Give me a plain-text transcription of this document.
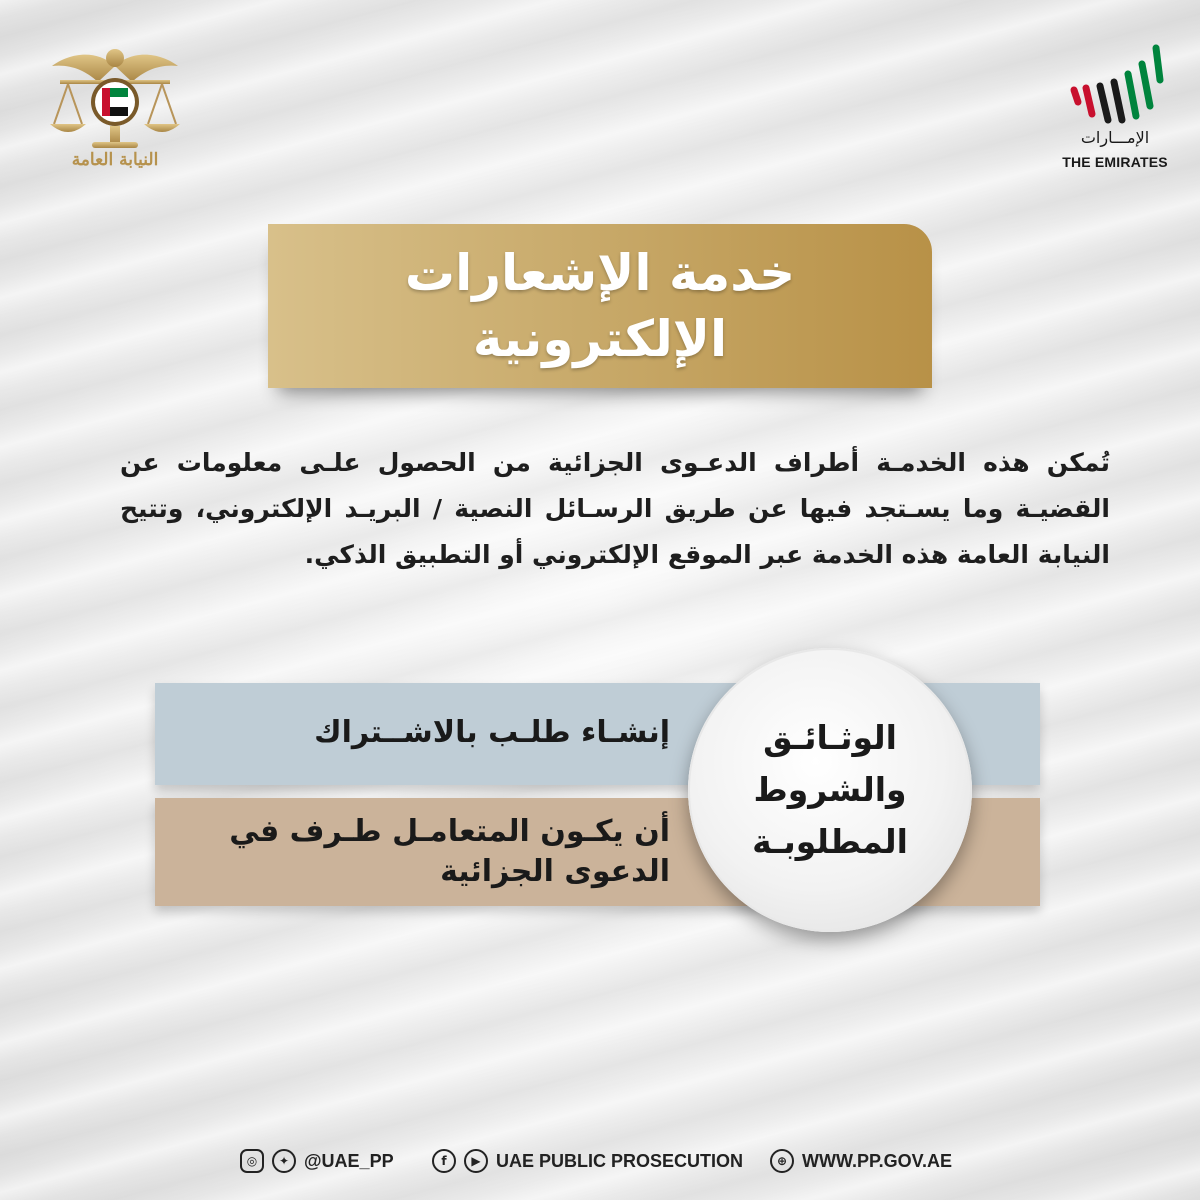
النيابة العامة
الإمـــارات
THE EMIRATES
خدمة الإشعارات
الإلكترونية
تُمكن هذه الخدمـة أطراف الدعـوى الجزائية من الحصول علـى معلومات عن القضيـة وما يسـتجد فيها عن طريق الرسـائل النصية / البريـد الإلكتروني، وتتيح النيابة العامة هذه الخدمة عبر الموقع الإلكتروني أو التطبيق الذكي.
إنشـاء طلـب بالاشــتراك
أن يكـون المتعامـل طـرف في
الدعوى الجزائية
الوثـائـق
والشروط
المطلوبـة
◎	✦ @UAE_PP	f	▶ UAE PUBLIC PROSECUTION	⊕ WWW.PP.GOV.AE
